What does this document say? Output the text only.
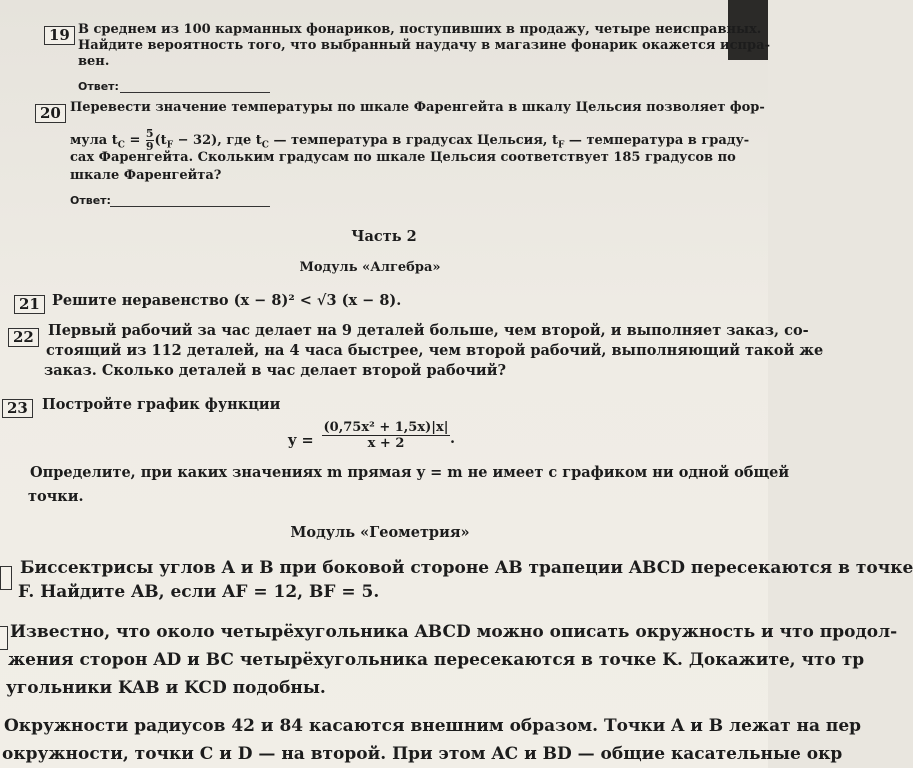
19 В среднем из 100 карманных фонариков, поступивших в продажу, четыре неисправных.
Найдите вероятность того, что выбранный наудачу в магазине фонарик окажется испра-
вен.
Ответ:
20 Перевести значение температуры по шкале Фаренгейта в шкалу Цельсия позволяет фор-
мула $t_C = \frac{5}{9} (t_F - 32)$, где $t_C$ — температура в градусах Цельсия, $t_F$ — температура в граду-
сах Фаренгейта. Скольким градусам по шкале Цельсия соответствует 185 градусов по
шкале Фаренгейта?
Ответ:
Часть 2
Модуль «Алгебра»
21 Решите неравенство (x − 8)² < √3 (x − 8).
22 Первый рабочий за час делает на 9 деталей больше, чем второй, и выполняет заказ, со-
стоящий из 112 деталей, на 4 часа быстрее, чем второй рабочий, выполняющий такой же
заказ. Сколько деталей в час делает второй рабочий?
23 Постройте график функции
$y = \frac{\text{(0,75x² + 1,5x)|x|}}{x + 2}$ .
Определите, при каких значениях m прямая y = m не имеет с графиком ни одной общей
точки.
Модуль «Геометрия»
Биссектрисы углов A и B при боковой стороне AB трапеции ABCD пересекаются в точке
F. Найдите AB, если AF = 12, BF = 5.
Известно, что около четырёхугольника ABCD можно описать окружность и что продол-
жения сторон AD и BC четырёхугольника пересекаются в точке K. Докажите, что тр
угольники KAB и KCD подобны.
Окружности радиусов 42 и 84 касаются внешним образом. Точки A и B лежат на пер
окружности, точки C и D — на второй. При этом AC и BD — общие касательные окр
